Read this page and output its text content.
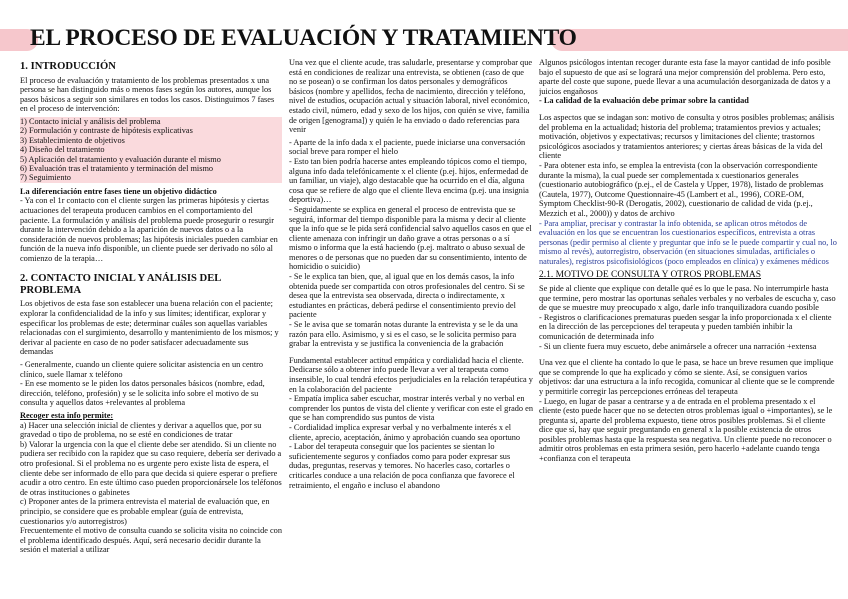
EL PROCESO DE EVALUACIÓN Y TRATAMIENTO
1. INTRODUCCIÓN

El proceso de evaluación y tratamiento de los problemas presentados x una persona se han distinguido más o menos fases según los autores, aunque los pasos básicos a seguir son similares en todos los casos. Distinguimos 7 fases en el proceso de intervención:

1) Contacto inicial y análisis del problema
2) Formulación y contraste de hipótesis explicativas
3) Establecimiento de objetivos
4) Diseño del tratamiento
5) Aplicación del tratamiento y evaluación durante el mismo
6) Evaluación tras el tratamiento y terminación del mismo
7) Seguimiento

La diferenciación entre fases tiene un objetivo didáctico

- Ya con el 1r contacto con el cliente surgen las primeras hipótesis y ciertas actuaciones del terapeuta producen cambios en el comportamiento del paciente. La formulación y análisis del problema puede prosegurir o resurgir durante la intervención debido a la aparición de nuevos datos o a la consideración de nuevos problemas; las hipótesis iniciales pueden cambiar en función de la nueva info disponible, un cliente puede ser derivado no sólo al comienzo de la terapia…

2. CONTACTO INICIAL Y ANÁLISIS DEL PROBLEMA

Los objetivos de esta fase son establecer una buena relación con el paciente; explorar la confidencialidad de la info y sus límites; identificar, explorar y especificar los problemas de este; determinar cuáles son aquellas variables relacionadas con el surgimiento, desarrollo y mantenimiento de los mismos; y derivar al paciente en caso de no poder satisfacer adecuadamente sus demandas

- Generalmente, cuando un cliente quiere solicitar asistencia en un centro clínico, suele llamar x teléfono

- En ese momento se le piden los datos personales básicos (nombre, edad, dirección, teléfono, profesión) y se le solicita info sobre el motivo de su consulta y aquellos datos +relevantes al problema

Recoger esta info permite:

a) Hacer una selección inicial de clientes y derivar a aquellos que, por su gravedad o tipo de problema, no se esté en condiciones de tratar

b) Valorar la urgencia con la que el cliente debe ser atendido. Si un cliente no pudiera ser recibido con la rapidez que su caso requiere, debería ser derivado a otro profesional. Si el problema no es urgente pero existe lista de espera, el cliente debe ser informado de ello para que decida si quiere esperar o prefiere acudir a otro centro. En este último caso pueden proporcionársele los teléfonos de otras instituciones o gabinetes

c) Proponer antes de la primera entrevista el material de evaluación que, en principio, se considere que es probable emplear (guía de entrevista, cuestionarios y/o autorregistros)

Frecuentemente el motivo de consulta cuando se solicita visita no coincide con el problema identificado después. Aquí, será necesario decidir durante la sesión el material a utilizar

Una vez que el cliente acude, tras saludarle, presentarse y comprobar que está en condiciones de realizar una entrevista, se obtienen (caso de que no se posean) o se confirman los datos personales y demográficos básicos (nombre y apellidos, fecha de nacimiento, dirección y teléfono, nivel de estudios, ocupación actual y situación laboral, nivel económico, estado civil, número, edad y sexo de los hijos, con quién se vive, familia de origen [genograma]) y quién le ha enviado o dado referencias para venir

- Aparte de la info dada x el paciente, puede iniciarse una conversación social breve para romper el hielo

- Esto tan bien podría hacerse antes empleando tópicos como el tiempo, alguna info dada telefónicamente x el cliente (p.ej. hijos, enfermedad de un familiar, un viaje), algo destacable que ha ocurrido en el día, alguna cosa que se refiere de algo que el cliente lleva encima (p.ej. una insignia deportiva)…

- Seguidamente se explica en general el proceso de entrevista que se seguirá, informar del tiempo disponible para la misma y decir al cliente que la info que se le pida será confidencial salvo aquellos casos en que el cliente amenaza con infringir un daño grave a otras personas o a sí mismo o informa que la está haciendo (p.ej. maltrato o abuso sexual de menores o de personas que no pueden dar su consentimiento, intento de homicidio o suicidio)

- Se le explica tan bien, que, al igual que en los demás casos, la info obtenida puede ser compartida con otros profesionales del centro. Si se desea que la entrevista sea observada, directa o indirectamente, x estudiantes en prácticas, deberá pedirse el consentimiento previo del paciente

- Se le avisa que se tomarán notas durante la entrevista y se le da una razón para ello. Asimismo, y si es el caso, se le solicita permiso para grabar la entrevista y se justifica la conveniencia de la grabación

Fundamental establecer actitud empática y cordialidad hacia el cliente. Dedicarse sólo a obtener info puede llevar a ver al terapeuta como insensible, lo cual tendrá efectos perjudiciales en la relación terapéutica y en la colaboración del paciente

- Empatía implica saber escuchar, mostrar interés verbal y no verbal en comprender los puntos de vista del cliente y verificar con este el grado en que se han comprendido sus puntos de vista

- Cordialidad implica expresar verbal y no verbalmente interés x el cliente, aprecio, aceptación, ánimo y aprobación cuando sea oportuno

- Labor del terapeuta conseguir que los pacientes se sientan lo suficientemente seguros y confiados como para poder expresar sus dudas, preguntas, reservas y temores. No hacerles caso, cortarles o criticarles conduce a una relación de poca confianza que favorece el retraimiento, el engaño e incluso el abandono

Algunos psicólogos intentan recoger durante esta fase la mayor cantidad de info posible bajo el supuesto de que así se logrará una mejor comprensión del problema. Pero esto, aparte del coste que supone, puede llevar a una acumulación desorganizada de datos y a juicios engañosos

- La calidad de la evaluación debe primar sobre la cantidad

Los aspectos que se indagan son: motivo de consulta y otros posibles problemas; análisis del problema en la actualidad; historia del problema; tratamientos previos y actuales; motivación, objetivos y expectativas; recursos y limitaciones del cliente; trastornos psicológicos asociados y tratamientos anteriores; y ciertas áreas básicas de la vida del cliente

- Para obtener esta info, se emplea la entrevista (con la observación correspondiente durante la misma), la cual puede ser complementada x cuestionarios generales (cuestionario autobiográfico (p.ej., el de Castela y Upper, 1978), listado de problemas (Cautela, 1977), Outcome Questionnaire-45 (Lambert et al., 1996), CORE-OM, Symptom Checklist-90-R (Derogatis, 2002), cuestionario de calidad de vida (p.ej., Mezzich et al., 2000)) y datos de archivo

- Para ampliar, precisar y contrastar la info obtenida, se aplican otros métodos de evaluación en los que se encuentran los cuestionarios específicos, entrevista a otras personas (pedir permiso al cliente y preguntar que info se le puede compartir y cual no, lo mismo al revés), autorregistro, observación (en situaciones simuladas, artificiales o naturales), registros psicofisiológicos (poco empleados en clínica) y exámenes médicos

2.1. MOTIVO DE CONSULTA Y OTROS PROBLEMAS

Se pide al cliente que explique con detalle qué es lo que le pasa. No interrumpirle hasta que termine, pero mostrar las oportunas señales verbales y no verbales de escucha y, caso de que se muestre muy preocupado x algo, darle info tranquilizadora cuando posible

- Registros o clarificaciones prematuras pueden sesgar la info proporcionada x el cliente en la dirección de las percepciones del terapeuta y pueden también inhibir la comunicación de determinada info

- Si un cliente fuera muy escueto, debe animársele a ofrecer una narración +extensa

Una vez que el cliente ha contado lo que le pasa, se hace un breve resumen que implique que se comprende lo que ha explicado y cómo se siente. Así, se consiguen varios objetivos: dar una estructura a la info recogida, comunicar al cliente que se le comprende y permitirle corregir las percepciones erróneas del terapeuta

- Luego, en lugar de pasar a centrarse y a de entrada en el problema presentado x el cliente (esto puede hacer que no se detecten otros problemas igual o +importantes), se le pregunta si, aparte del problema expuesto, tiene otros posibles problemas. Si el cliente dice que sí, hay que seguir preguntando en general x la posible existencia de otros posibles problemas hasta que la respuesta sea negativa. Un cliente puede no reconocer o admitir otros problemas en esta primera sesión, pero hacerlo +adelante cuando tenga +confianza con el terapeuta
